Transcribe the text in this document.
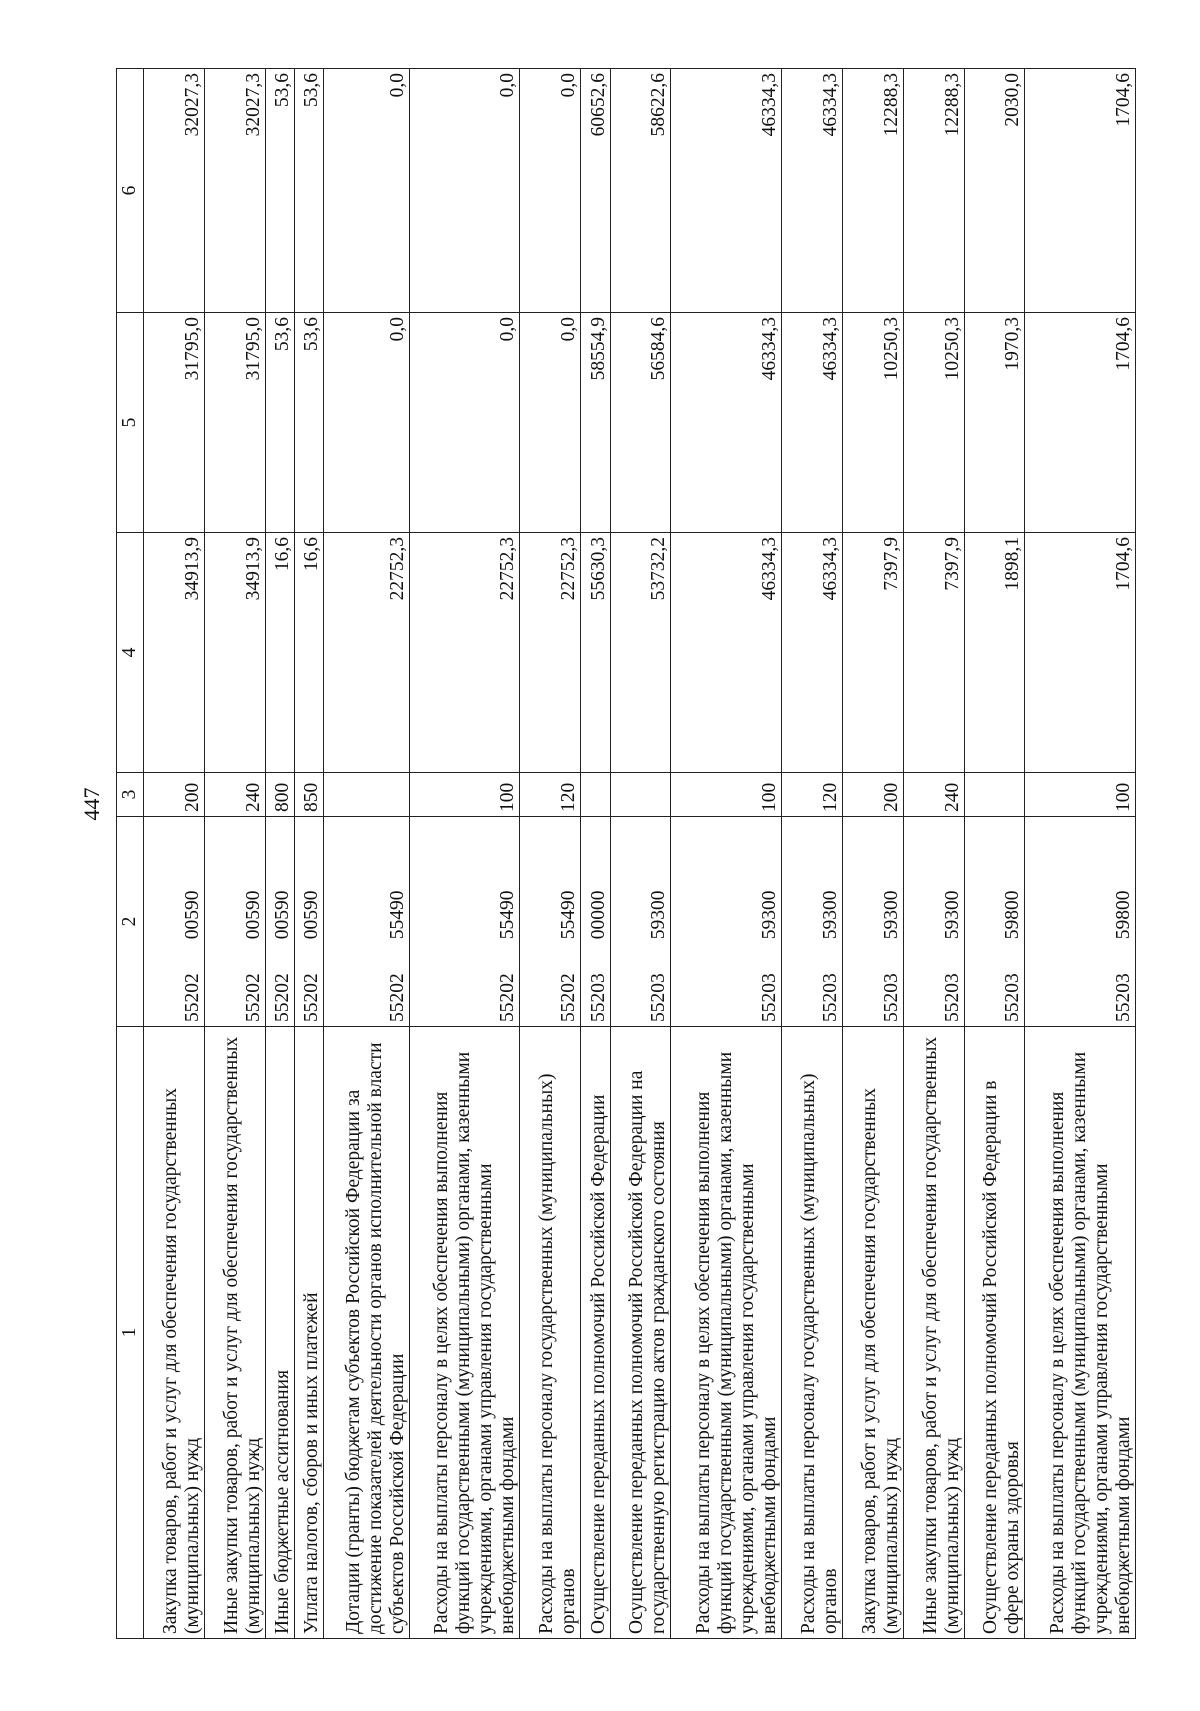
447
1	2	3	4	5	6
Закупка товаров, работ и услуг для обеспечения государственных (муниципальных) нужд	5520200590	200	34913,9	31795,0	32027,3
Иные закупки товаров, работ и услуг для обеспечения государственных (муниципальных) нужд	5520200590	240	34913,9	31795,0	32027,3
Иные бюджетные ассигнования	5520200590	800	16,6	53,6	53,6
Уплата налогов, сборов и иных платежей	5520200590	850	16,6	53,6	53,6
Дотации (гранты) бюджетам субъектов Российской Федерации за достижение показателей деятельности органов исполнительной власти субъектов Российской Федерации	5520255490		22752,3	0,0	0,0
Расходы на выплаты персоналу в целях обеспечения выполнения функций государственными (муниципальными) органами, казенными учреждениями, органами управления государственными внебюджетными фондами	5520255490	100	22752,3	0,0	0,0
Расходы на выплаты персоналу государственных (муниципальных) органов	5520255490	120	22752,3	0,0	0,0
Осуществление переданных полномочий Российской Федерации	5520300000		55630,3	58554,9	60652,6
Осуществление переданных полномочий Российской Федерации на государственную регистрацию актов гражданского состояния	5520359300		53732,2	56584,6	58622,6
Расходы на выплаты персоналу в целях обеспечения выполнения функций государственными (муниципальными) органами, казенными учреждениями, органами управления государственными внебюджетными фондами	5520359300	100	46334,3	46334,3	46334,3
Расходы на выплаты персоналу государственных (муниципальных) органов	5520359300	120	46334,3	46334,3	46334,3
Закупка товаров, работ и услуг для обеспечения государственных (муниципальных) нужд	5520359300	200	7397,9	10250,3	12288,3
Иные закупки товаров, работ и услуг для обеспечения государственных (муниципальных) нужд	5520359300	240	7397,9	10250,3	12288,3
Осуществление переданных полномочий Российской Федерации в сфере охраны здоровья	5520359800		1898,1	1970,3	2030,0
Расходы на выплаты персоналу в целях обеспечения выполнения функций государственными (муниципальными) органами, казенными учреждениями, органами управления государственными внебюджетными фондами	5520359800	100	1704,6	1704,6	1704,6
